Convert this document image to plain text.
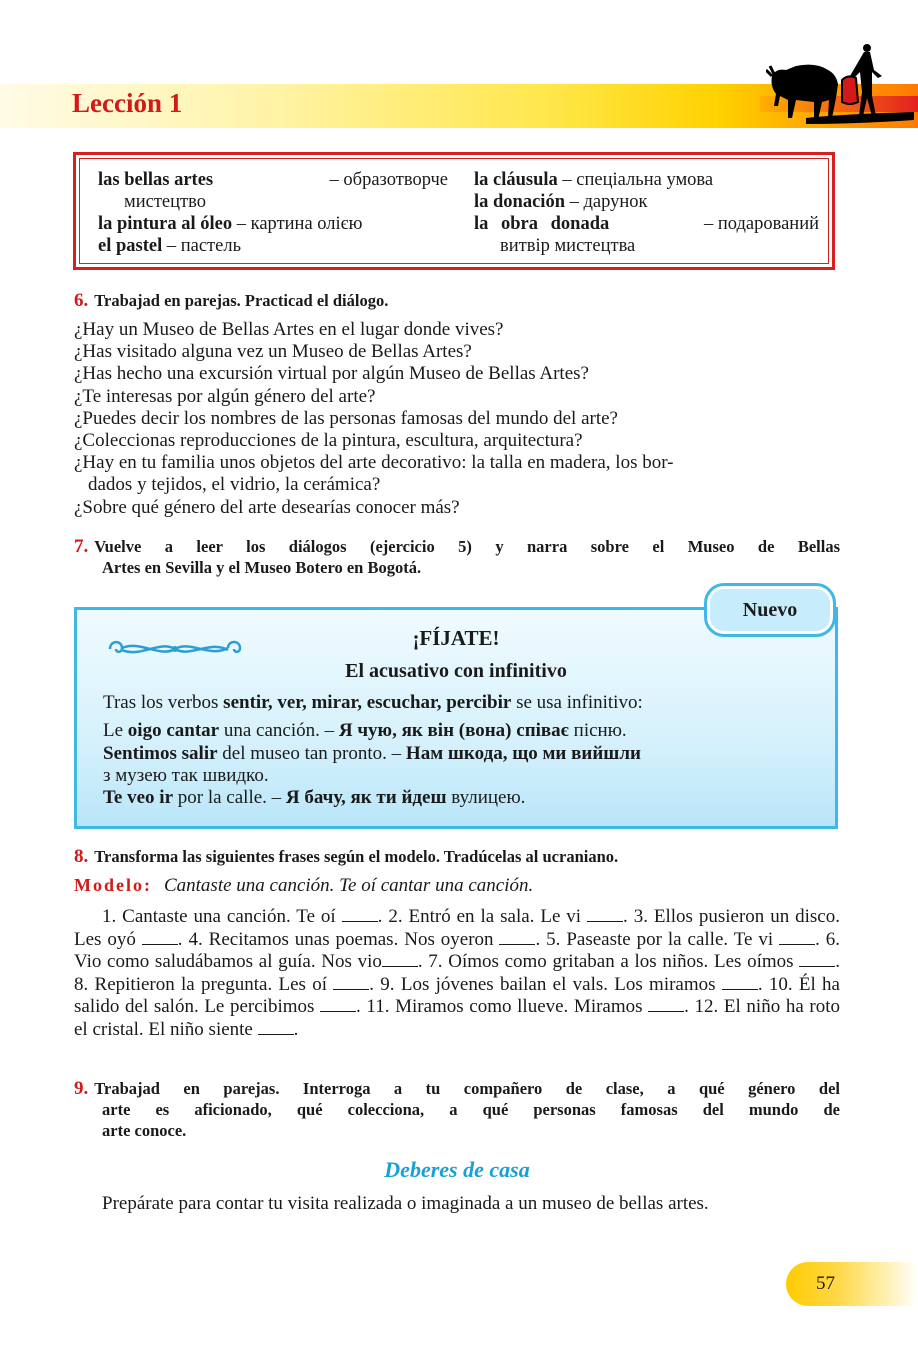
Lección 1
las bellas artes	– образотворче
мистецтво
la pintura al óleo – картина олією
el pastel – пастель
la cláusula – спеціальна умова
la donación – дарунок
la obra donada	– подарований
витвір мистецтва
6. Trabajad en parejas. Practicad el diálogo.
¿Hay un Museo de Bellas Artes en el lugar donde vives?
¿Has visitado alguna vez un Museo de Bellas Artes?
¿Has hecho una excursión virtual por algún Museo de Bellas Artes?
¿Te interesas por algún género del arte?
¿Puedes decir los nombres de las personas famosas del mundo del arte?
¿Coleccionas reproducciones de la pintura, escultura, arquitectura?
¿Hay en tu familia unos objetos del arte decorativo: la talla en madera, los bor-
dados y tejidos, el vidrio, la cerámica?
¿Sobre qué género del arte desearías conocer más?
7. Vuelve a leer los diálogos (ejercicio 5) y narra sobre el Museo de Bellas
Artes en Sevilla y el Museo Botero en Bogotá.
Nuevo
¡FÍJATE!
El acusativo con infinitivo
Tras los verbos sentir, ver, mirar, escuchar, percibir se usa infinitivo:
Le oigo cantar una canción. – Я чую, як він (вона) співає пісню.
Sentimos salir del museo tan pronto. – Нам шкода, що ми вийшли
з музею так швидко.
Te veo ir por la calle. – Я бачу, як ти йдеш вулицею.
8. Transforma las siguientes frases según el modelo. Tradúcelas al ucraniano.
Modelo: Cantaste una canción. Te oí cantar una canción.
1. Cantaste una canción. Te oí . 2. Entró en la sala. Le vi . 3. Ellos pusieron un disco. Les oyó . 4. Recitamos unas poemas. Nos oyeron . 5. Paseaste por la calle. Te vi . 6. Vio como saludábamos al guía. Nos vio . 7. Oímos como gritaban a los niños. Les oímos . 8. Repitieron la pregunta. Les oí . 9. Los jóvenes bailan el vals. Los miramos . 10. Él ha salido del salón. Le percibimos . 11. Miramos como llueve. Miramos . 12. El niño ha roto el cristal. El niño siente .
9. Trabajad en parejas. Interroga a tu compañero de clase, a qué género del
arte es aficionado, qué colecciona, a qué personas famosas del mundo de
arte conoce.
Deberes de casa
Prepárate para contar tu visita realizada o imaginada a un museo de bellas artes.
57
